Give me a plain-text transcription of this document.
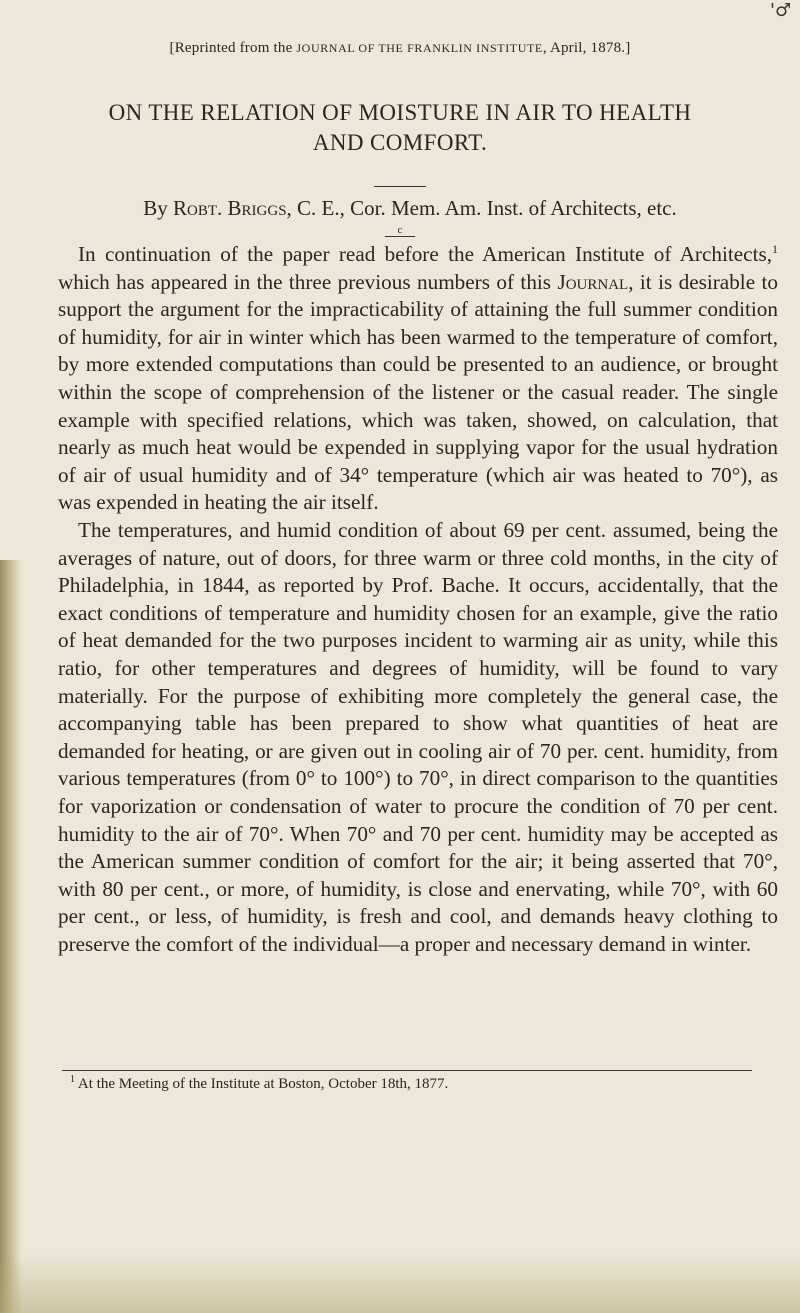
'♂
[Reprinted from the JOURNAL OF THE FRANKLIN INSTITUTE, April, 1878.]
ON THE RELATION OF MOISTURE IN AIR TO HEALTH
AND COMFORT.
By Robt. Briggs, C. E., Cor. Mem. Am. Inst. of Architects, etc.
c

In continuation of the paper read before the American Institute of Architects,$^1$ which has appeared in the three previous numbers of this Journal, it is desirable to support the argument for the impracticability of attaining the full summer condition of humidity, for air in winter which has been warmed to the temperature of comfort, by more extended computations than could be presented to an audience, or brought within the scope of comprehension of the listener or the casual reader. The single example with specified relations, which was taken, showed, on calculation, that nearly as much heat would be expended in supplying vapor for the usual hydration of air of usual humidity and of 34° temperature (which air was heated to 70°), as was expended in heating the air itself.

The temperatures, and humid condition of about 69 per cent. assumed, being the averages of nature, out of doors, for three warm or three cold months, in the city of Philadelphia, in 1844, as reported by Prof. Bache. It occurs, accidentally, that the exact conditions of temperature and humidity chosen for an example, give the ratio of heat demanded for the two purposes incident to warming air as unity, while this ratio, for other temperatures and degrees of humidity, will be found to vary materially. For the purpose of exhibiting more completely the general case, the accompanying table has been prepared to show what quantities of heat are demanded for heating, or are given out in cooling air of 70 per. cent. humidity, from various temperatures (from 0° to 100°) to 70°, in direct comparison to the quantities for vaporization or condensation of water to procure the condition of 70 per cent. humidity to the air of 70°. When 70° and 70 per cent. humidity may be accepted as the American summer condition of comfort for the air; it being asserted that 70°, with 80 per cent., or more, of humidity, is close and enervating, while 70°, with 60 per cent., or less, of humidity, is fresh and cool, and demands heavy clothing to preserve the comfort of the individual—a proper and necessary demand in winter.

$^1$ At the Meeting of the Institute at Boston, October 18th, 1877.
